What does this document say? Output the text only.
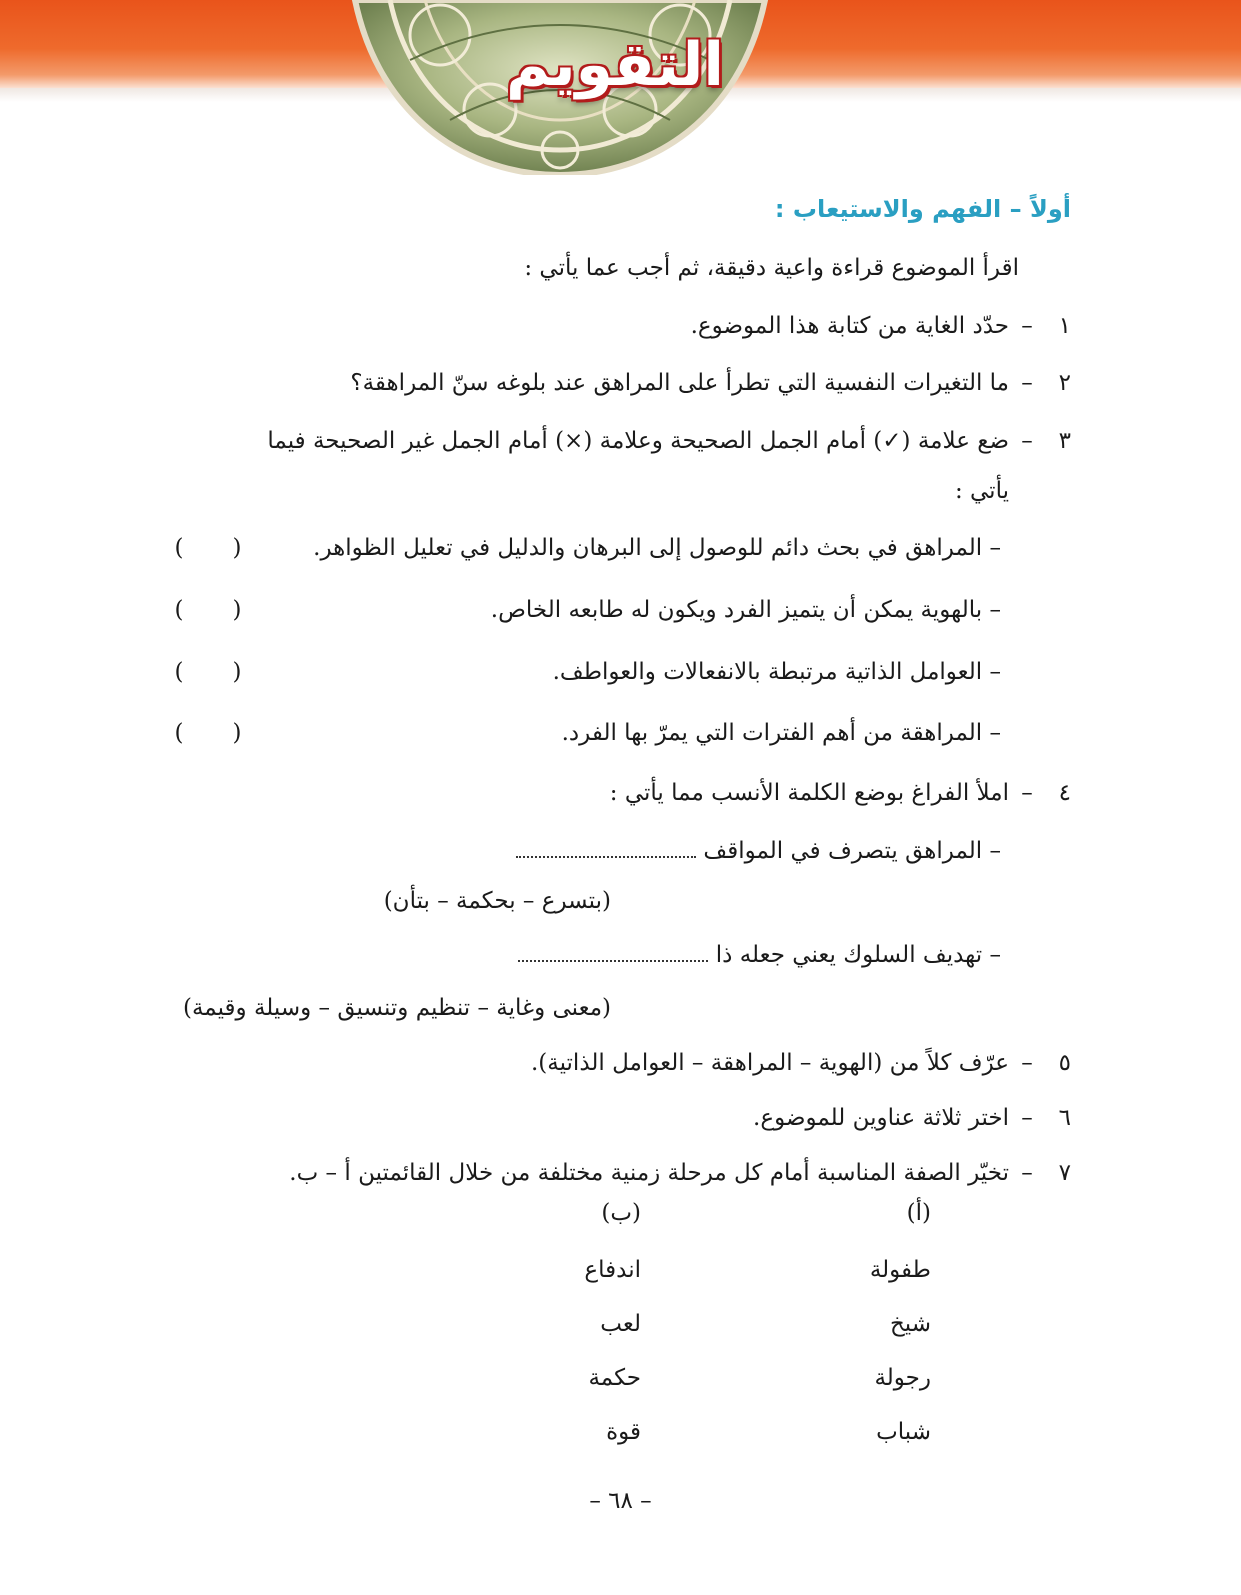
التقويم
أولاً – الفهم والاستيعاب :
اقرأ الموضوع قراءة واعية دقيقة، ثم أجب عما يأتي :
١–حدّد الغاية من كتابة هذا الموضوع.
٢–ما التغيرات النفسية التي تطرأ على المراهق عند بلوغه سنّ المراهقة؟
٣–ضع علامة (✓) أمام الجمل الصحيحة وعلامة (×) أمام الجمل غير الصحيحة فيما
يأتي :
– المراهق في بحث دائم للوصول إلى البرهان والدليل في تعليل الظواهر.
( )
– بالهوية يمكن أن يتميز الفرد ويكون له طابعه الخاص.
( )
– العوامل الذاتية مرتبطة بالانفعالات والعواطف.
( )
– المراهقة من أهم الفترات التي يمرّ بها الفرد.
( )
٤–املأ الفراغ بوضع الكلمة الأنسب مما يأتي :
– المراهق يتصرف في المواقف
(بتسرع – بحكمة – بتأن)
– تهديف السلوك يعني جعله ذا
(معنى وغاية – تنظيم وتنسيق – وسيلة وقيمة)
٥–عرّف كلاً من (الهوية – المراهقة – العوامل الذاتية).
٦–اختر ثلاثة عناوين للموضوع.
٧–تخيّر الصفة المناسبة أمام كل مرحلة زمنية مختلفة من خلال القائمتين أ – ب.
(أ)
(ب)
طفولة
شيخ
رجولة
شباب
اندفاع
لعب
حكمة
قوة
– ٦٨ –
